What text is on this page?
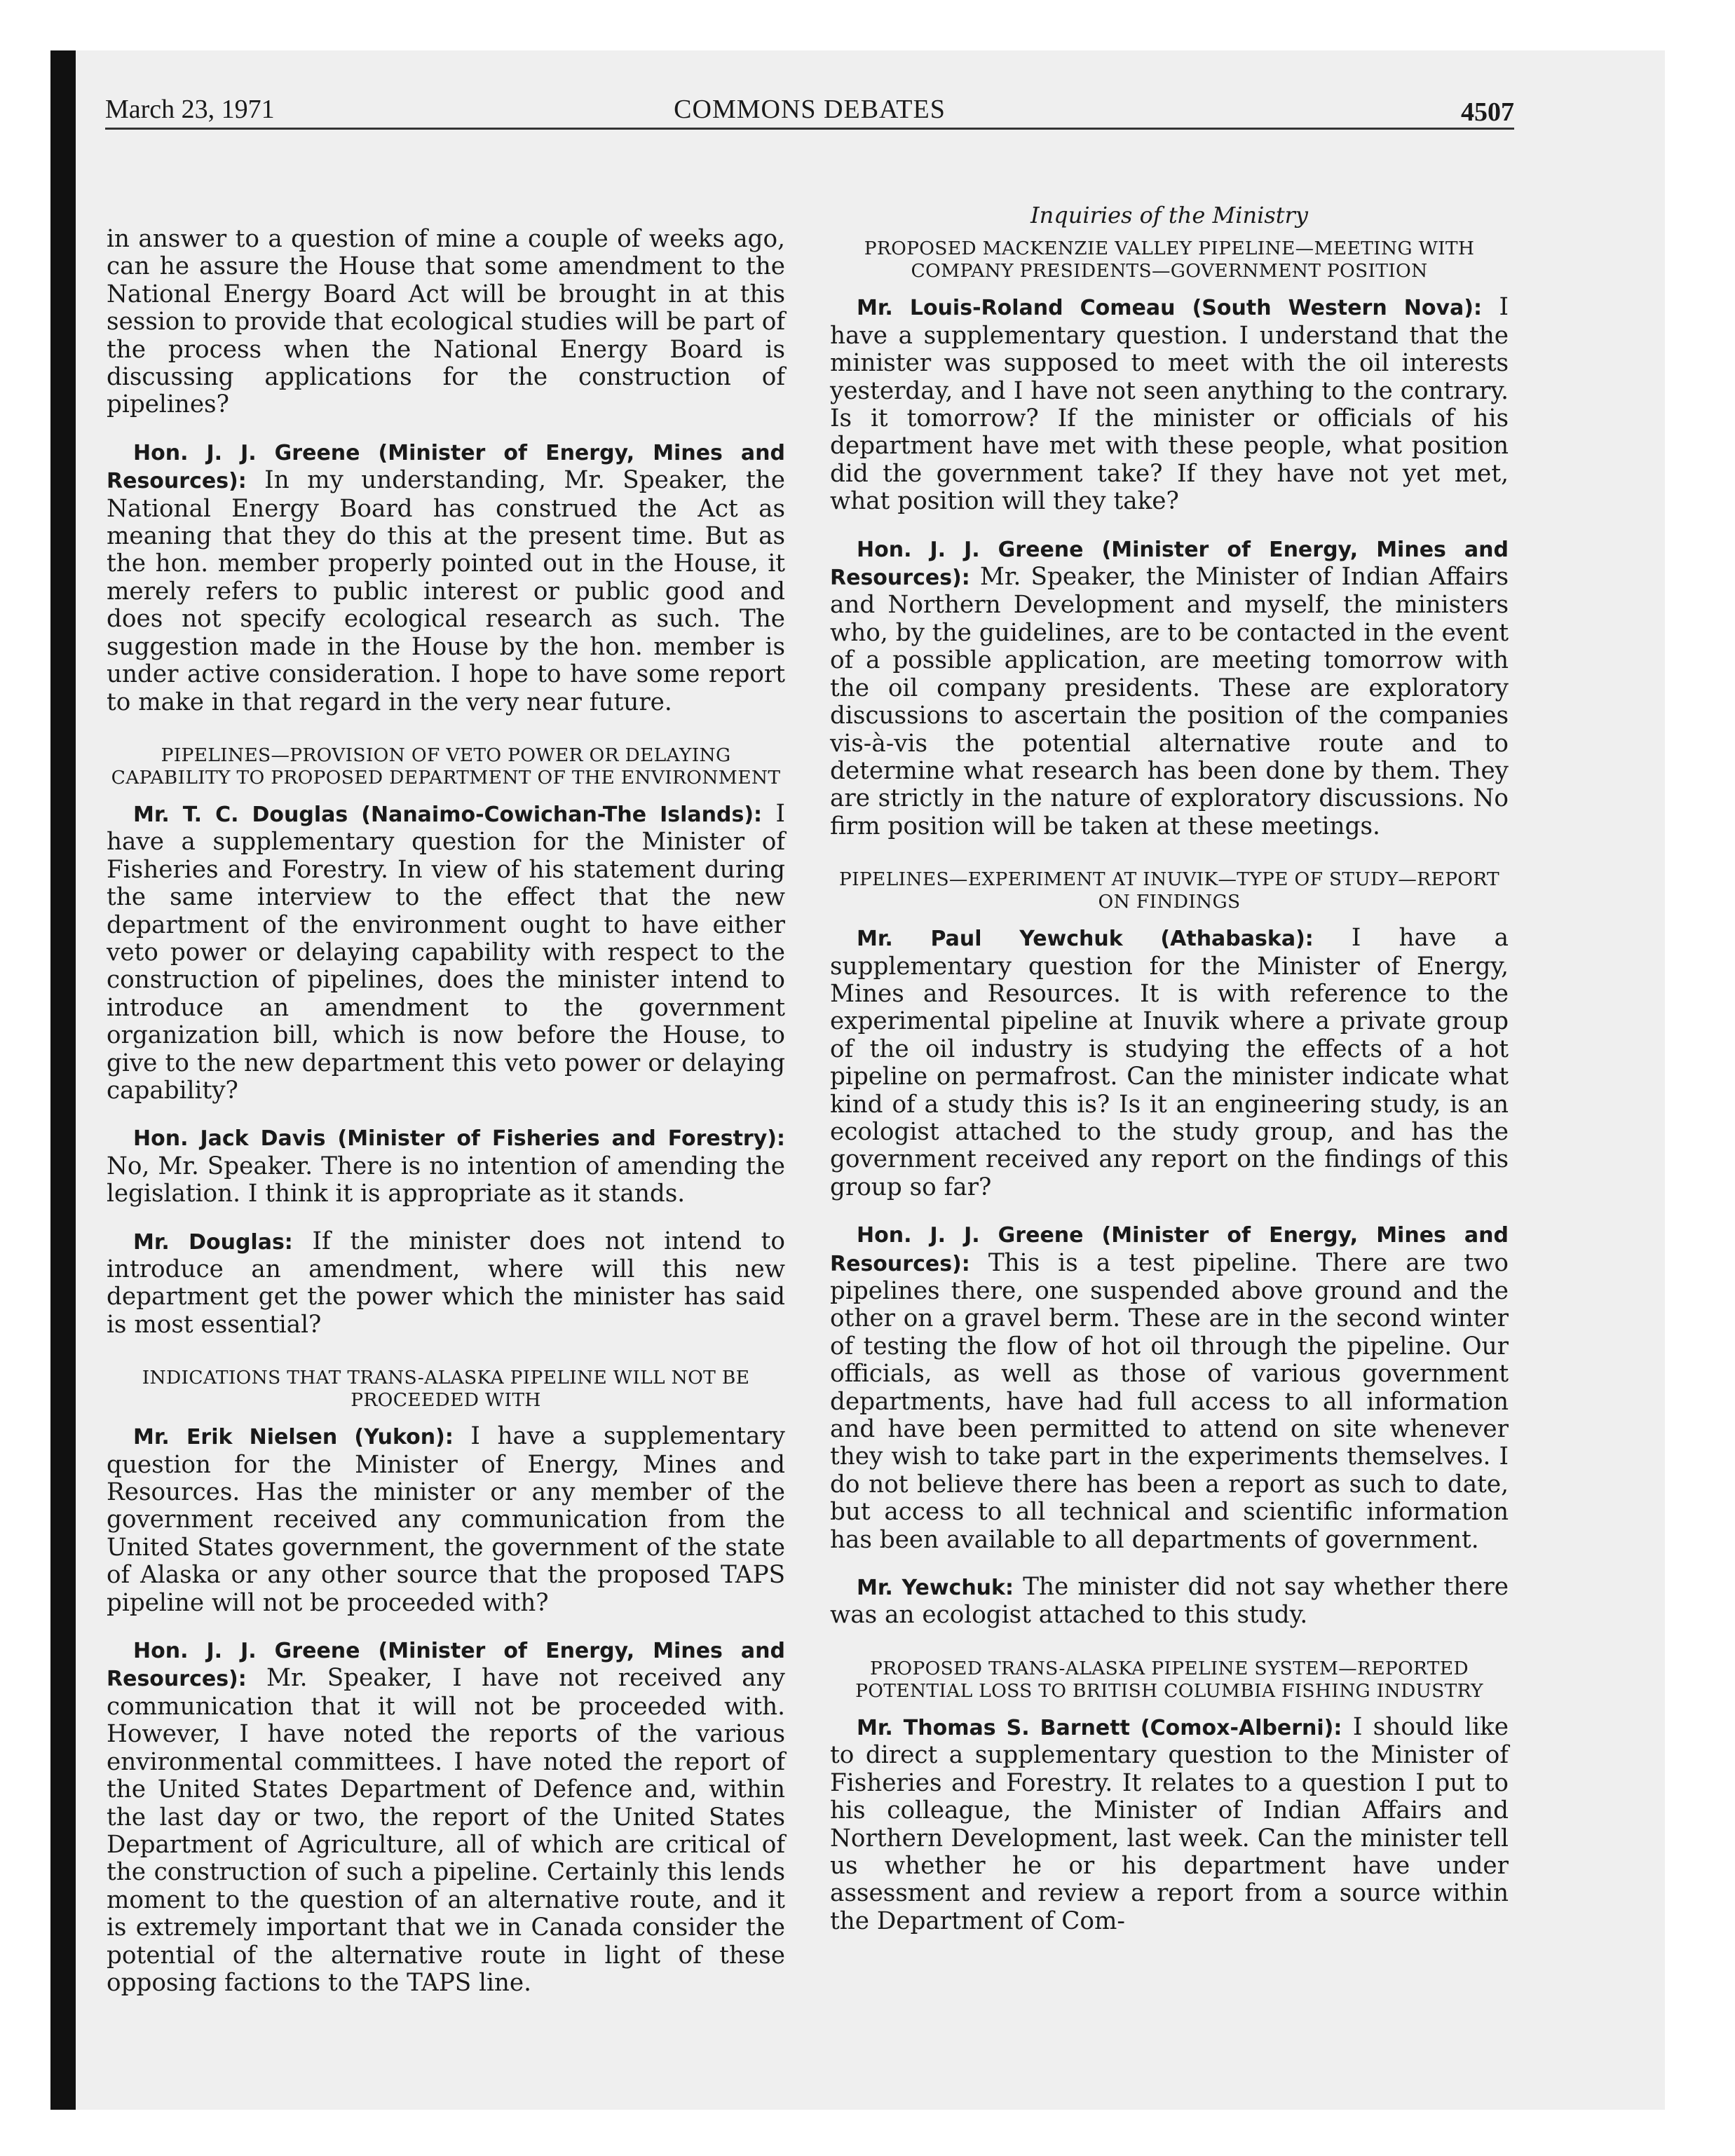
March 23, 1971	COMMONS DEBATES	4507

in answer to a question of mine a couple of weeks ago, can he assure the House that some amendment to the National Energy Board Act will be brought in at this session to provide that ecological studies will be part of the process when the National Energy Board is discussing applications for the construction of pipelines?

Hon. J. J. Greene (Minister of Energy, Mines and Resources): In my understanding, Mr. Speaker, the National Energy Board has construed the Act as meaning that they do this at the present time. But as the hon. member properly pointed out in the House, it merely refers to public interest or public good and does not specify ecological research as such. The suggestion made in the House by the hon. member is under active consideration. I hope to have some report to make in that regard in the very near future.

PIPELINES—PROVISION OF VETO POWER OR DELAYING CAPABILITY TO PROPOSED DEPARTMENT OF THE ENVIRONMENT

Mr. T. C. Douglas (Nanaimo-Cowichan-The Islands): I have a supplementary question for the Minister of Fisheries and Forestry. In view of his statement during the same interview to the effect that the new department of the environment ought to have either veto power or delaying capability with respect to the construction of pipelines, does the minister intend to introduce an amendment to the government organization bill, which is now before the House, to give to the new department this veto power or delaying capability?

Hon. Jack Davis (Minister of Fisheries and Forestry): No, Mr. Speaker. There is no intention of amending the legislation. I think it is appropriate as it stands.

Mr. Douglas: If the minister does not intend to introduce an amendment, where will this new department get the power which the minister has said is most essential?

INDICATIONS THAT TRANS-ALASKA PIPELINE WILL NOT BE PROCEEDED WITH

Mr. Erik Nielsen (Yukon): I have a supplementary question for the Minister of Energy, Mines and Resources. Has the minister or any member of the government received any communication from the United States government, the government of the state of Alaska or any other source that the proposed TAPS pipeline will not be proceeded with?

Hon. J. J. Greene (Minister of Energy, Mines and Resources): Mr. Speaker, I have not received any communication that it will not be proceeded with. However, I have noted the reports of the various environmental committees. I have noted the report of the United States Department of Defence and, within the last day or two, the report of the United States Department of Agriculture, all of which are critical of the construction of such a pipeline. Certainly this lends moment to the question of an alternative route, and it is extremely important that we in Canada consider the potential of the alternative route in light of these opposing factions to the TAPS line.

Inquiries of the Ministry
PROPOSED MACKENZIE VALLEY PIPELINE—MEETING WITH COMPANY PRESIDENTS—GOVERNMENT POSITION

Mr. Louis-Roland Comeau (South Western Nova): I have a supplementary question. I understand that the minister was supposed to meet with the oil interests yesterday, and I have not seen anything to the contrary. Is it tomorrow? If the minister or officials of his department have met with these people, what position did the government take? If they have not yet met, what position will they take?

Hon. J. J. Greene (Minister of Energy, Mines and Resources): Mr. Speaker, the Minister of Indian Affairs and Northern Development and myself, the ministers who, by the guidelines, are to be contacted in the event of a possible application, are meeting tomorrow with the oil company presidents. These are exploratory discussions to ascertain the position of the companies vis-à-vis the potential alternative route and to determine what research has been done by them. They are strictly in the nature of exploratory discussions. No firm position will be taken at these meetings.

PIPELINES—EXPERIMENT AT INUVIK—TYPE OF STUDY—REPORT ON FINDINGS

Mr. Paul Yewchuk (Athabaska): I have a supplementary question for the Minister of Energy, Mines and Resources. It is with reference to the experimental pipeline at Inuvik where a private group of the oil industry is studying the effects of a hot pipeline on permafrost. Can the minister indicate what kind of a study this is? Is it an engineering study, is an ecologist attached to the study group, and has the government received any report on the findings of this group so far?

Hon. J. J. Greene (Minister of Energy, Mines and Resources): This is a test pipeline. There are two pipelines there, one suspended above ground and the other on a gravel berm. These are in the second winter of testing the flow of hot oil through the pipeline. Our officials, as well as those of various government departments, have had full access to all information and have been permitted to attend on site whenever they wish to take part in the experiments themselves. I do not believe there has been a report as such to date, but access to all technical and scientific information has been available to all departments of government.

Mr. Yewchuk: The minister did not say whether there was an ecologist attached to this study.

PROPOSED TRANS-ALASKA PIPELINE SYSTEM—REPORTED POTENTIAL LOSS TO BRITISH COLUMBIA FISHING INDUSTRY

Mr. Thomas S. Barnett (Comox-Alberni): I should like to direct a supplementary question to the Minister of Fisheries and Forestry. It relates to a question I put to his colleague, the Minister of Indian Affairs and Northern Development, last week. Can the minister tell us whether he or his department have under assessment and review a report from a source within the Department of Com-
